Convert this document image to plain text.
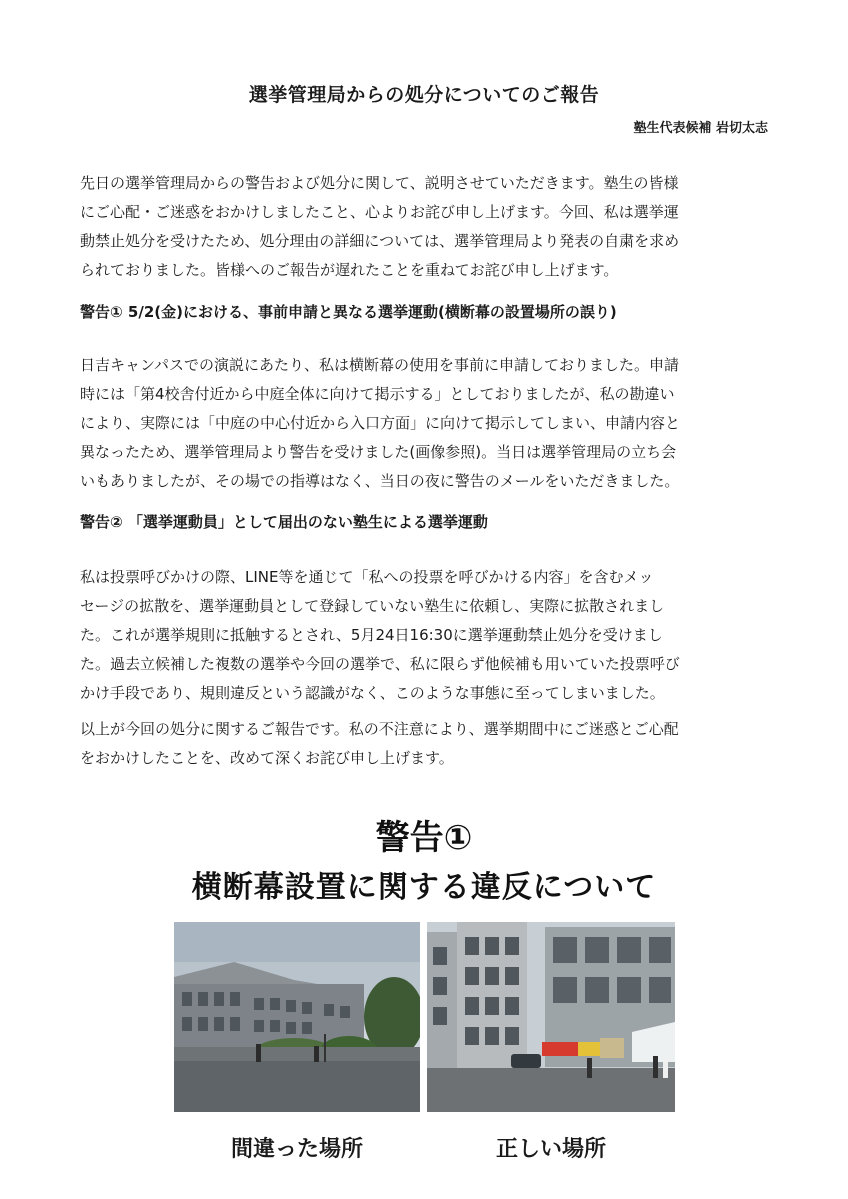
選挙管理局からの処分についてのご報告
塾生代表候補 岩切太志

先日の選挙管理局からの警告および処分に関して、説明させていただきます。塾生の皆様
にご心配・ご迷惑をおかけしましたこと、心よりお詫び申し上げます。今回、私は選挙運
動禁止処分を受けたため、処分理由の詳細については、選挙管理局より発表の自粛を求め
られておりました。皆様へのご報告が遅れたことを重ねてお詫び申し上げます。

警告① 5/2(金)における、事前申請と異なる選挙運動(横断幕の設置場所の誤り)

日吉キャンパスでの演説にあたり、私は横断幕の使用を事前に申請しておりました。申請
時には「第4校舎付近から中庭全体に向けて掲示する」としておりましたが、私の勘違い
により、実際には「中庭の中心付近から入口方面」に向けて掲示してしまい、申請内容と
異なったため、選挙管理局より警告を受けました(画像参照)。当日は選挙管理局の立ち会
いもありましたが、その場での指導はなく、当日の夜に警告のメールをいただきました。

警告② 「選挙運動員」として届出のない塾生による選挙運動

私は投票呼びかけの際、LINE等を通じて「私への投票を呼びかける内容」を含むメッ
セージの拡散を、選挙運動員として登録していない塾生に依頼し、実際に拡散されまし
た。これが選挙規則に抵触するとされ、5月24日16:30に選挙運動禁止処分を受けまし
た。過去立候補した複数の選挙や今回の選挙で、私に限らず他候補も用いていた投票呼び
かけ手段であり、規則違反という認識がなく、このような事態に至ってしまいました。

以上が今回の処分に関するご報告です。私の不注意により、選挙期間中にご迷惑とご心配
をおかけしたことを、改めて深くお詫び申し上げます。

警告①
横断幕設置に関する違反について
間違った場所	正しい場所
